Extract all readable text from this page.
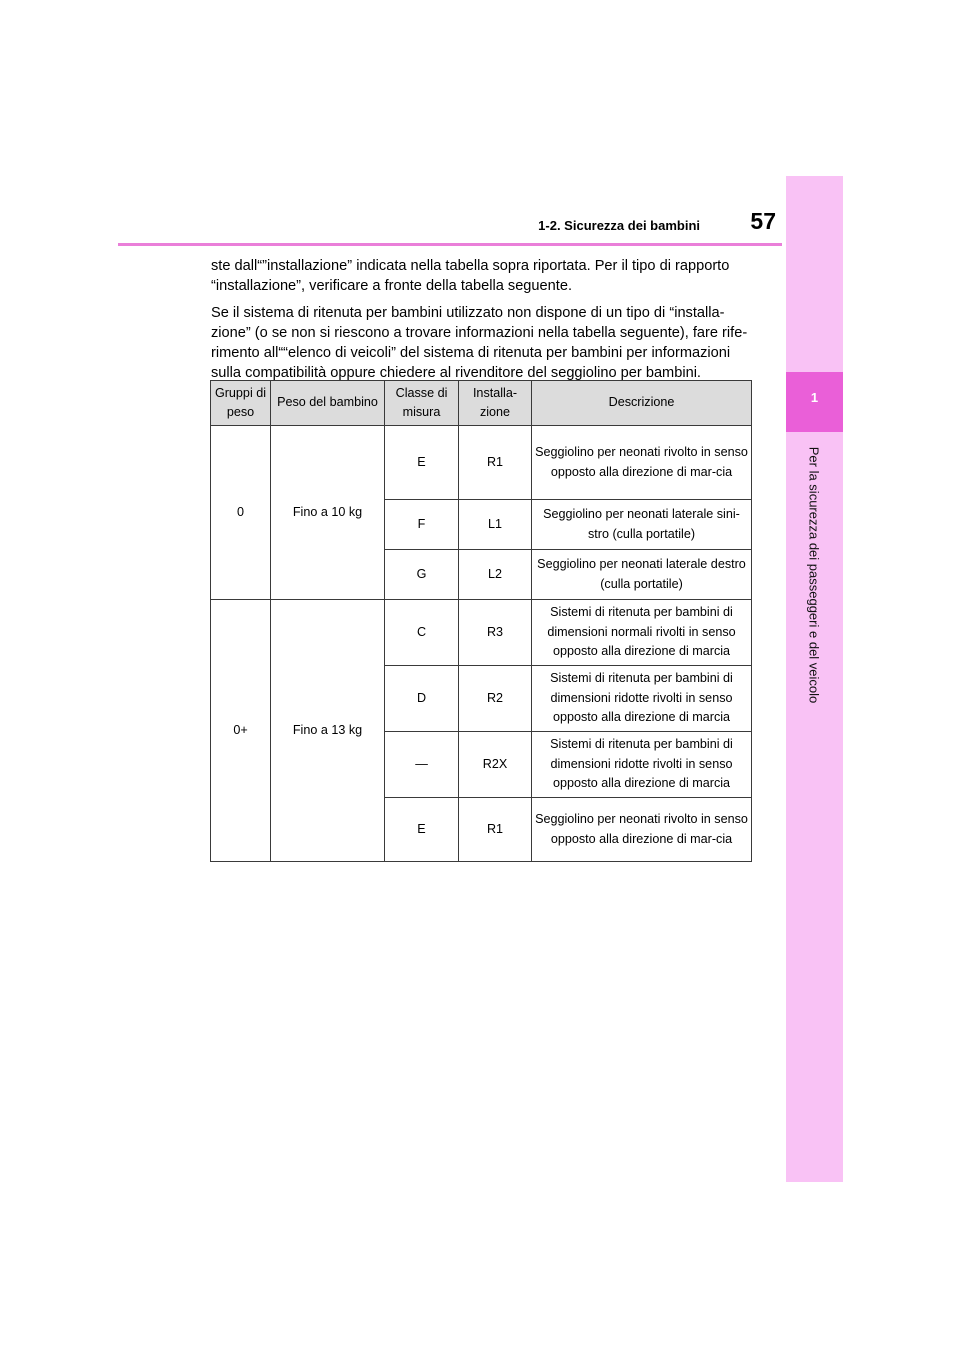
1
Per la sicurezza dei passeggeri e del veicolo
57
1-2. Sicurezza dei bambini

ste dall“”installazione” indicata nella tabella sopra riportata. Per il tipo di rapporto
“installazione”, verificare a fronte della tabella seguente.

Se il sistema di ritenuta per bambini utilizzato non dispone di un tipo di “installa-
zione” (o se non si riescono a trovare informazioni nella tabella seguente), fare rife-
rimento all““elenco di veicoli” del sistema di ritenuta per bambini per informazioni
sulla compatibilità oppure chiedere al rivenditore del seggiolino per bambini.

Gruppi di peso	Peso del bambino	Classe di misura	Installa-zione	Descrizione
0	Fino a 10 kg	E	R1	Seggiolino per neonati rivolto in senso opposto alla direzione di mar-cia
		F	L1	Seggiolino per neonati laterale sini-stro (culla portatile)
		G	L2	Seggiolino per neonati laterale destro (culla portatile)
0+	Fino a 13 kg	C	R3	Sistemi di ritenuta per bambini di dimensioni normali rivolti in senso opposto alla direzione di marcia
		D	R2	Sistemi di ritenuta per bambini di dimensioni ridotte rivolti in senso opposto alla direzione di marcia
		—	R2X	Sistemi di ritenuta per bambini di dimensioni ridotte rivolti in senso opposto alla direzione di marcia
		E	R1	Seggiolino per neonati rivolto in senso opposto alla direzione di mar-cia
